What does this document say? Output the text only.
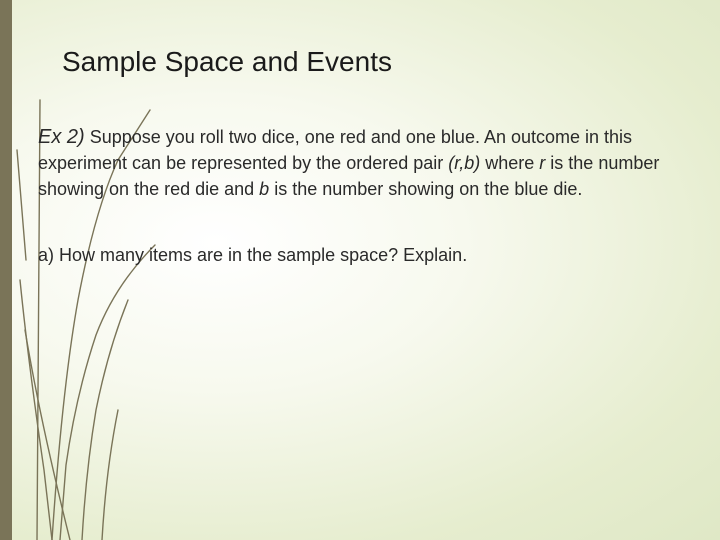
Sample Space and Events

Ex 2) Suppose you roll two dice, one red and one blue. An outcome in this experiment can be represented by the ordered pair (r,b) where r is the number showing on the red die and b is the number showing on the blue die.

a) How many items are in the sample space? Explain.
